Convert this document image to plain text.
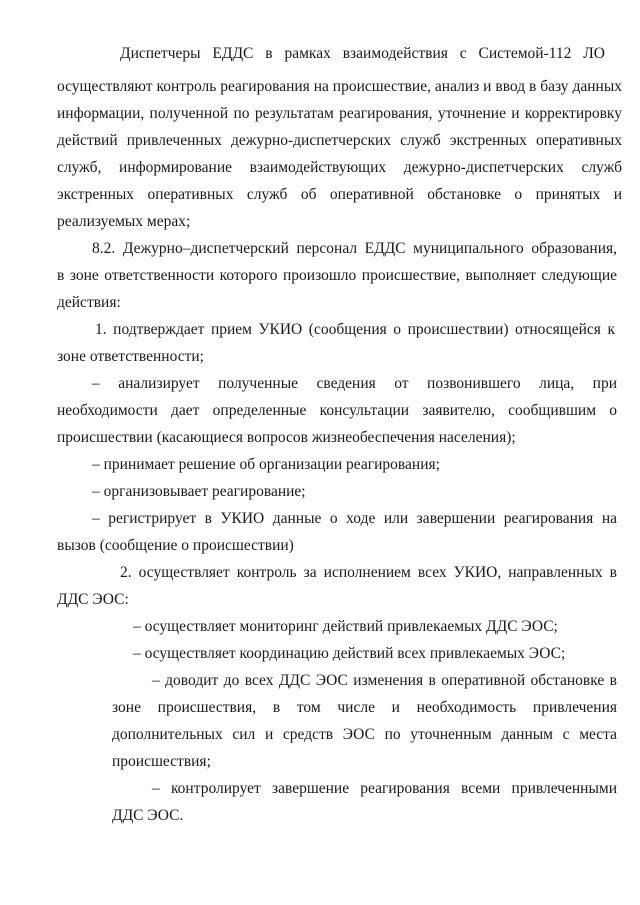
Диспетчеры ЕДДС в рамках взаимодействия с Системой-112 ЛО
осуществляют контроль реагирования на происшествие, анализ и ввод в базу данных
информации, полученной по результатам реагирования, уточнение и корректировку
действий привлеченных дежурно-диспетчерских служб экстренных оперативных
служб, информирование взаимодействующих дежурно-диспетчерских служб
экстренных оперативных служб об оперативной обстановке о принятых и
реализуемых мерах;
8.2. Дежурно–диспетчерский персонал ЕДДС муниципального образования,
в зоне ответственности которого произошло происшествие, выполняет следующие
действия:
1. подтверждает прием УКИО (сообщения о происшествии) относящейся к
зоне ответственности;
– анализирует полученные сведения от позвонившего лица, при
необходимости дает определенные консультации заявителю, сообщившим о
происшествии (касающиеся вопросов жизнеобеспечения населения);
– принимает решение об организации реагирования;
– организовывает реагирование;
– регистрирует в УКИО данные о ходе или завершении реагирования на
вызов (сообщение о происшествии)
2. осуществляет контроль за исполнением всех УКИО, направленных в
ДДС ЭОС:
– осуществляет мониторинг действий привлекаемых ДДС ЭОС;
– осуществляет координацию действий всех привлекаемых ЭОС;
– доводит до всех ДДС ЭОС изменения в оперативной обстановке в
зоне происшествия, в том числе и необходимость привлечения
дополнительных сил и средств ЭОС по уточненным данным с места
происшествия;
– контролирует завершение реагирования всеми привлеченными
ДДС ЭОС.
